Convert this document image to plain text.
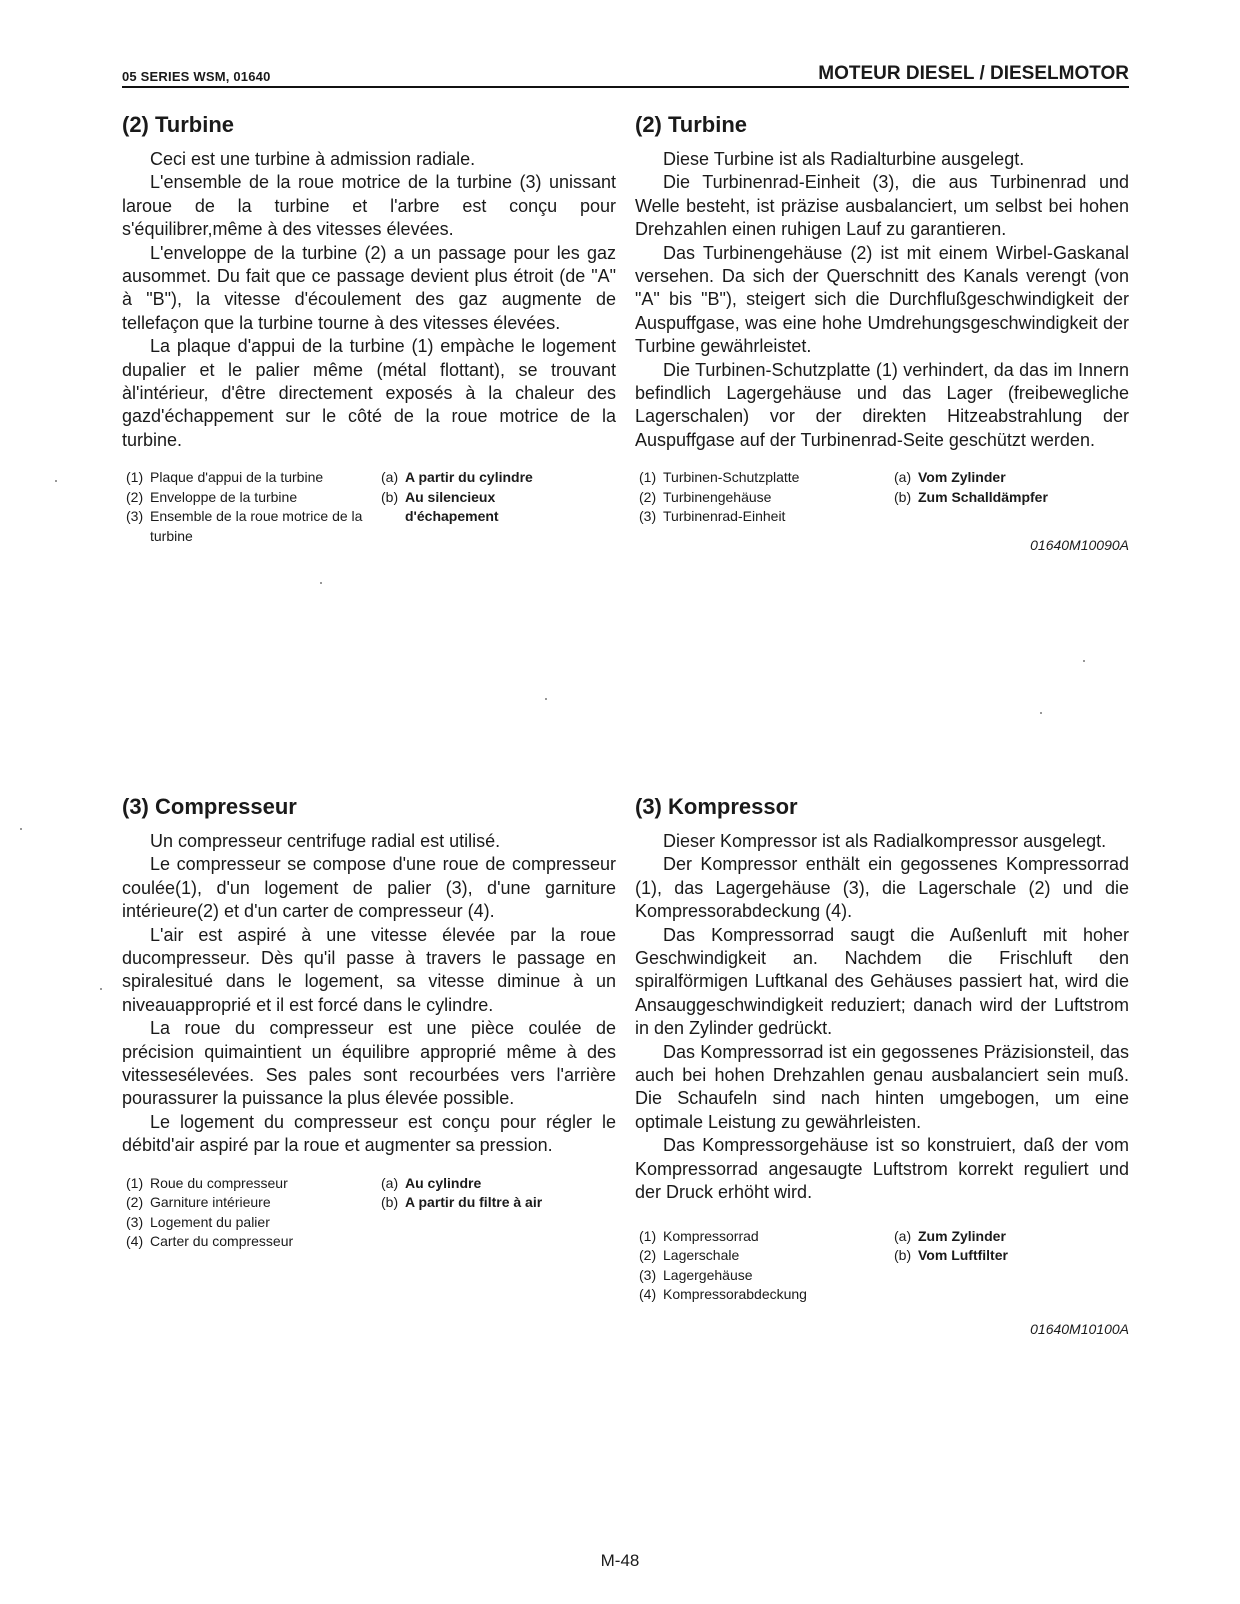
05 SERIES WSM, 01640	MOTEUR DIESEL / DIESELMOTOR
(2) Turbine

Ceci est une turbine à admission radiale.

L'ensemble de la roue motrice de la turbine (3) unissant laroue de la turbine et l'arbre est conçu pour s'équilibrer,même à des vitesses élevées.

L'enveloppe de la turbine (2) a un passage pour les gaz ausommet. Du fait que ce passage devient plus étroit (de "A" à "B"), la vitesse d'écoulement des gaz augmente de tellefaçon que la turbine tourne à des vitesses élevées.

La plaque d'appui de la turbine (1) empàche le logement dupalier et le palier même (métal flottant), se trouvant àl'intérieur, d'être directement exposés à la chaleur des gazd'échappement sur le côté de la roue motrice de la turbine.

(1) Plaque d'appui de la turbine
(2) Enveloppe de la turbine
(3) Ensemble de la roue motrice de la turbine
(a) A partir du cylindre
(b) Au silencieux d'échapement
(2) Turbine

Diese Turbine ist als Radialturbine ausgelegt.

Die Turbinenrad-Einheit (3), die aus Turbinenrad und Welle besteht, ist präzise ausbalanciert, um selbst bei hohen Drehzahlen einen ruhigen Lauf zu garantieren.

Das Turbinengehäuse (2) ist mit einem Wirbel-Gaskanal versehen. Da sich der Querschnitt des Kanals verengt (von "A" bis "B"), steigert sich die Durchflußgeschwindigkeit der Auspuffgase, was eine hohe Umdrehungsgeschwindigkeit der Turbine gewährleistet.

Die Turbinen-Schutzplatte (1) verhindert, da das im Innern befindlich Lagergehäuse und das Lager (freibewegliche Lagerschalen) vor der direkten Hitzeabstrahlung der Auspuffgase auf der Turbinenrad-Seite geschützt werden.

(1) Turbinen-Schutzplatte
(2) Turbinengehäuse
(3) Turbinenrad-Einheit
(a) Vom Zylinder
(b) Zum Schalldämpfer
01640M10090A
(3) Compresseur

Un compresseur centrifuge radial est utilisé.

Le compresseur se compose d'une roue de compresseur coulée(1), d'un logement de palier (3), d'une garniture intérieure(2) et d'un carter de compresseur (4).

L'air est aspiré à une vitesse élevée par la roue ducompresseur. Dès qu'il passe à travers le passage en spiralesitué dans le logement, sa vitesse diminue à un niveauapproprié et il est forcé dans le cylindre.

La roue du compresseur est une pièce coulée de précision quimaintient un équilibre approprié même à des vitessesélevées. Ses pales sont recourbées vers l'arrière pourassurer la puissance la plus élevée possible.

Le logement du compresseur est conçu pour régler le débitd'air aspiré par la roue et augmenter sa pression.

(1) Roue du compresseur
(2) Garniture intérieure
(3) Logement du palier
(4) Carter du compresseur
(a) Au cylindre
(b) A partir du filtre à air
(3) Kompressor

Dieser Kompressor ist als Radialkompressor ausgelegt.

Der Kompressor enthält ein gegossenes Kompressorrad (1), das Lagergehäuse (3), die Lagerschale (2) und die Kompressorabdeckung (4).

Das Kompressorrad saugt die Außenluft mit hoher Geschwindigkeit an. Nachdem die Frischluft den spiralförmigen Luftkanal des Gehäuses passiert hat, wird die Ansauggeschwindigkeit reduziert; danach wird der Luftstrom in den Zylinder gedrückt.

Das Kompressorrad ist ein gegossenes Präzisionsteil, das auch bei hohen Drehzahlen genau ausbalanciert sein muß. Die Schaufeln sind nach hinten umgebogen, um eine optimale Leistung zu gewährleisten.

Das Kompressorgehäuse ist so konstruiert, daß der vom Kompressorrad angesaugte Luftstrom korrekt reguliert und der Druck erhöht wird.

(1) Kompressorrad
(2) Lagerschale
(3) Lagergehäuse
(4) Kompressorabdeckung
(a) Zum Zylinder
(b) Vom Luftfilter
01640M10100A
M-48
